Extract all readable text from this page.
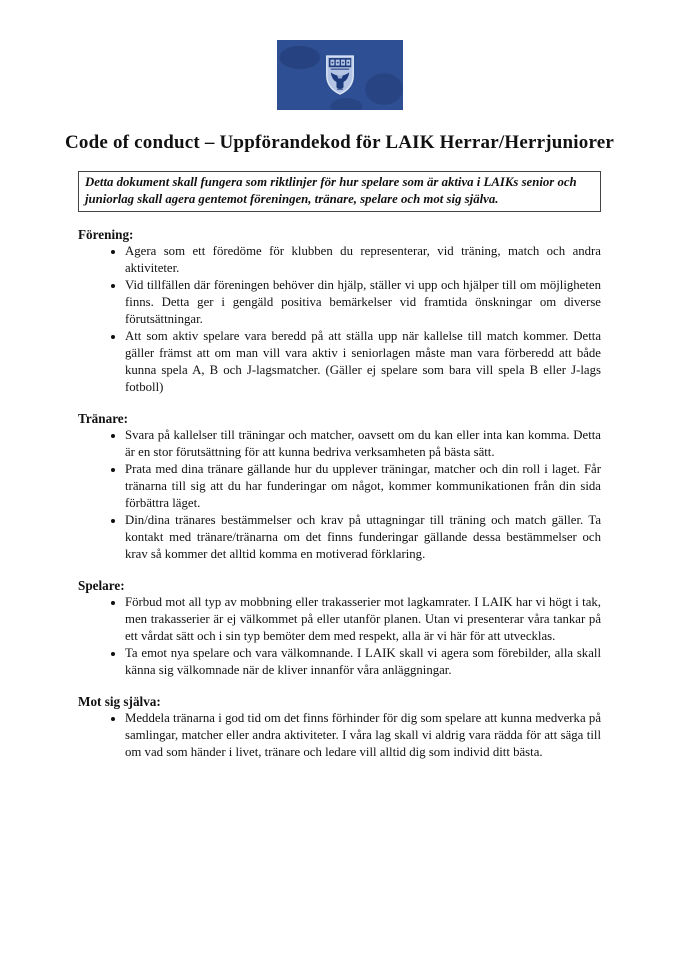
Code of conduct – Uppförandekod för LAIK Herrar/Herrjuniorer

Detta dokument skall fungera som riktlinjer för hur spelare som är aktiva i LAIKs senior och juniorlag skall agera gentemot föreningen, tränare, spelare och mot sig själva.

Förening:
• Agera som ett föredöme för klubben du representerar, vid träning, match och andra aktiviteter.
• Vid tillfällen där föreningen behöver din hjälp, ställer vi upp och hjälper till om möjligheten finns. Detta ger i gengäld positiva bemärkelser vid framtida önskningar om diverse förutsättningar.
• Att som aktiv spelare vara beredd på att ställa upp när kallelse till match kommer. Detta gäller främst att om man vill vara aktiv i seniorlagen måste man vara förberedd att både kunna spela A, B och J-lagsmatcher. (Gäller ej spelare som bara vill spela B eller J-lags fotboll)
Tränare:
• Svara på kallelser till träningar och matcher, oavsett om du kan eller inta kan komma. Detta är en stor förutsättning för att kunna bedriva verksamheten på bästa sätt.
• Prata med dina tränare gällande hur du upplever träningar, matcher och din roll i laget. Får tränarna till sig att du har funderingar om något, kommer kommunikationen från din sida förbättra läget.
• Din/dina tränares bestämmelser och krav på uttagningar till träning och match gäller. Ta kontakt med tränare/tränarna om det finns funderingar gällande dessa bestämmelser och krav så kommer det alltid komma en motiverad förklaring.
Spelare:
• Förbud mot all typ av mobbning eller trakasserier mot lagkamrater. I LAIK har vi högt i tak, men trakasserier är ej välkommet på eller utanför planen. Utan vi presenterar våra tankar på ett vårdat sätt och i sin typ bemöter dem med respekt, alla är vi här för att utvecklas.
• Ta emot nya spelare och vara välkomnande. I LAIK skall vi agera som förebilder, alla skall känna sig välkomnade när de kliver innanför våra anläggningar.
Mot sig själva:
• Meddela tränarna i god tid om det finns förhinder för dig som spelare att kunna medverka på samlingar, matcher eller andra aktiviteter. I våra lag skall vi aldrig vara rädda för att säga till om vad som händer i livet, tränare och ledare vill alltid dig som individ ditt bästa.
